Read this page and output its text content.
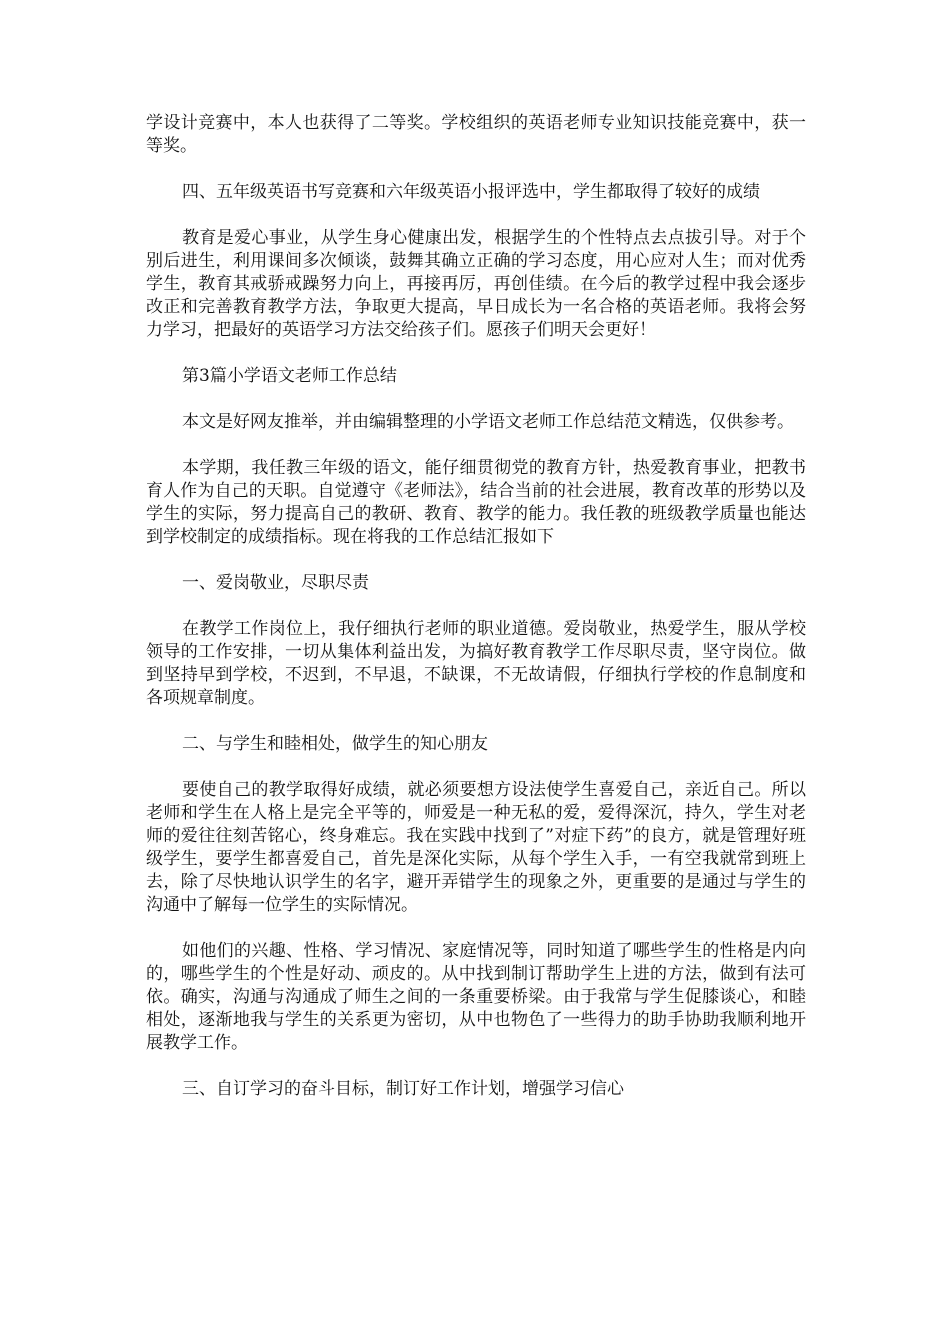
学设计竞赛中，本人也获得了二等奖。学校组织的英语老师专业知识技能竞赛中，获一等奖。

四、五年级英语书写竞赛和六年级英语小报评选中，学生都取得了较好的成绩

教育是爱心事业，从学生身心健康出发，根据学生的个性特点去点拔引导。对于个别后进生，利用课间多次倾谈，鼓舞其确立正确的学习态度，用心应对人生；而对优秀学生，教育其戒骄戒躁努力向上，再接再厉，再创佳绩。在今后的教学过程中我会逐步改正和完善教育教学方法，争取更大提高，早日成长为一名合格的英语老师。我将会努力学习，把最好的英语学习方法交给孩子们。愿孩子们明天会更好！

第3篇小学语文老师工作总结

本文是好网友推举，并由编辑整理的小学语文老师工作总结范文精选，仅供参考。

本学期，我任教三年级的语文，能仔细贯彻党的教育方针，热爱教育事业，把教书育人作为自己的天职。自觉遵守《老师法》，结合当前的社会进展，教育改革的形势以及学生的实际，努力提高自己的教研、教育、教学的能力。我任教的班级教学质量也能达到学校制定的成绩指标。现在将我的工作总结汇报如下

一、爱岗敬业，尽职尽责

在教学工作岗位上，我仔细执行老师的职业道德。爱岗敬业，热爱学生，服从学校领导的工作安排，一切从集体利益出发，为搞好教育教学工作尽职尽责，坚守岗位。做到坚持早到学校，不迟到，不早退，不缺课，不无故请假，仔细执行学校的作息制度和各项规章制度。

二、与学生和睦相处，做学生的知心朋友

要使自己的教学取得好成绩，就必须要想方设法使学生喜爱自己，亲近自己。所以老师和学生在人格上是完全平等的，师爱是一种无私的爱，爱得深沉，持久，学生对老师的爱往往刻苦铭心，终身难忘。我在实践中找到了”对症下药”的良方，就是管理好班级学生，要学生都喜爱自己，首先是深化实际，从每个学生入手，一有空我就常到班上去，除了尽快地认识学生的名字，避开弄错学生的现象之外，更重要的是通过与学生的沟通中了解每一位学生的实际情况。

如他们的兴趣、性格、学习情况、家庭情况等，同时知道了哪些学生的性格是内向的，哪些学生的个性是好动、顽皮的。从中找到制订帮助学生上进的方法，做到有法可依。确实，沟通与沟通成了师生之间的一条重要桥梁。由于我常与学生促膝谈心，和睦相处，逐渐地我与学生的关系更为密切，从中也物色了一些得力的助手协助我顺利地开展教学工作。

三、自订学习的奋斗目标，制订好工作计划，增强学习信心
